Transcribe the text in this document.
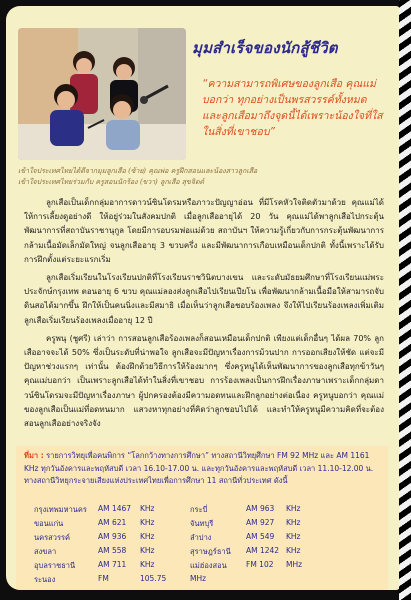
มุมสำเร็จของนักสู้ชีวิต
“ความสามารถพิเศษของลูกเสือ คุณแม่บอกว่า ทุกอย่างเป็นพรสวรรค์ทั้งหมด และลูกเสือมาถึงจุดนี้ได้เพราะน้องใจที่ใสในสิ่งที่เขาชอบ”
เข้าใจประเทศไทยได้ดีจากมุมลูกเสือ (ซ้าย) คุณพ่อ ครูฝึกสอนและน้องสาวลูกเสือ
เข้าใจประเทศไทยร่วมกับ ครูสอนนักร้อง (ขวา) ลูกเสือ สุขจิตต์

ลูกเสือเป็นเด็กกลุ่มอาการดาวน์ซินโดรมหรือภาวะปัญญาอ่อน ที่มีโรคหัวใจติดตัวมาด้วย คุณแม่ได้ให้การเลี้ยงดูอย่างดี ให้อยู่ร่วมในสังคมปกติ เมื่อลูกเสืออายุได้ 20 วัน คุณแม่ได้พาลูกเสือไปกระตุ้นพัฒนาการที่สถาบันราชานุกูล โดยมีการอบรมพ่อแม่ด้วย สถาบันฯ ให้ความรู้เกี่ยวกับการกระตุ้นพัฒนาการกล้ามเนื้อมัดเล็กมัดใหญ่ จนลูกเสืออายุ 3 ขวบครึ่ง และมีพัฒนาการเกือบเหมือนเด็กปกติ ทั้งนี้เพราะได้รับการฝึกตั้งแต่ระยะแรกเริ่ม

ลูกเสือเริ่มเรียนในโรงเรียนปกติที่โรงเรียนราชวินิตบางเขน และระดับมัธยมศึกษาที่โรงเรียนแม่พระประจักษ์กรุงเทพ ตอนอายุ 6 ขวบ คุณแม่ลองส่งลูกเสือไปเรียนเปียโน เพื่อพัฒนากล้ามเนื้อมือให้สามารถจับดินสอได้มากขึ้น ฝึกให้เป็นคนนิ่งและมีสมาธิ เมื่อเห็นว่าลูกเสือชอบร้องเพลง จึงให้ไปเรียนร้องเพลงเพิ่มเติม ลูกเสือเริ่มเรียนร้องเพลงเมื่ออายุ 12 ปี

ครูพนุ (ชูศรี) เล่าว่า การสอนลูกเสือร้องเพลงก็สอนเหมือนเด็กปกติ เพียงแต่เด็กอื่นๆ ได้ผล 70% ลูกเสืออาจจะได้ 50% ซึ่งเป็นระดับที่น่าพอใจ ลูกเสือจะมีปัญหาเรื่องการม้วนปาก การออกเสียงให้ชัด แต่จะมีปัญหาช่วงแรกๆ เท่านั้น ต้องฝึกด้วยวิธีการให้ร้องมากๆ ซึ่งครูหนูได้เห็นพัฒนาการของลูกเสือทุกข้าวันๆ คุณแม่บอกว่า เป็นเพราะลูกเสือได้ทำในสิ่งที่เขาชอบ การร้องเพลงเป็นการฝึกเรื่องภาษาเพราะเด็กกลุ่มดาวน์ซินโดรมจะมีปัญหาเรื่องภาษา ผู้ปกครองต้องมีความอดทนและฝึกลูกอย่างต่อเนื่อง ครูหนูบอกว่า คุณแม่ของลูกเสือเป็นแม่ที่อดทนมาก แสวงหาทุกอย่างที่คิดว่าลูกชอบไปได้ และทำให้ครูหนูมีความคิดที่จะต้องสอนลูกเสืออย่างจริงจัง

ที่มา : รายการวิทยุเพื่อคนพิการ “โลกกว้างทางการศึกษา” ทางสถานีวิทยุศึกษา FM 92 MHz และ AM 1161 KHz ทุกวันอังคารและพฤหัสบดี เวลา 16.10-17.00 น. และทุกวันอังคารและพฤหัสบดี เวลา 11.10-12.00 น. ทางสถานีวิทยุกระจายเสียงแห่งประเทศไทยเพื่อการศึกษา 11 สถานีทั่วประเทศ ดังนี้
กรุงเทพมหานคร	AM 1467	KHz	กระบี่	AM 963	KHz
ขอนแก่น	AM 621	KHz	จันทบุรี	AM 927	KHz
นครสวรรค์	AM 936	KHz	ลำปาง	AM 549	KHz
สงขลา	AM 558	KHz	สุราษฎร์ธานี	AM 1242 KHz
อุบลราชธานี	AM 711	KHz	แม่ฮ่องสอน	FM 102	MHz
ระนอง	FM	105.75	MHz
